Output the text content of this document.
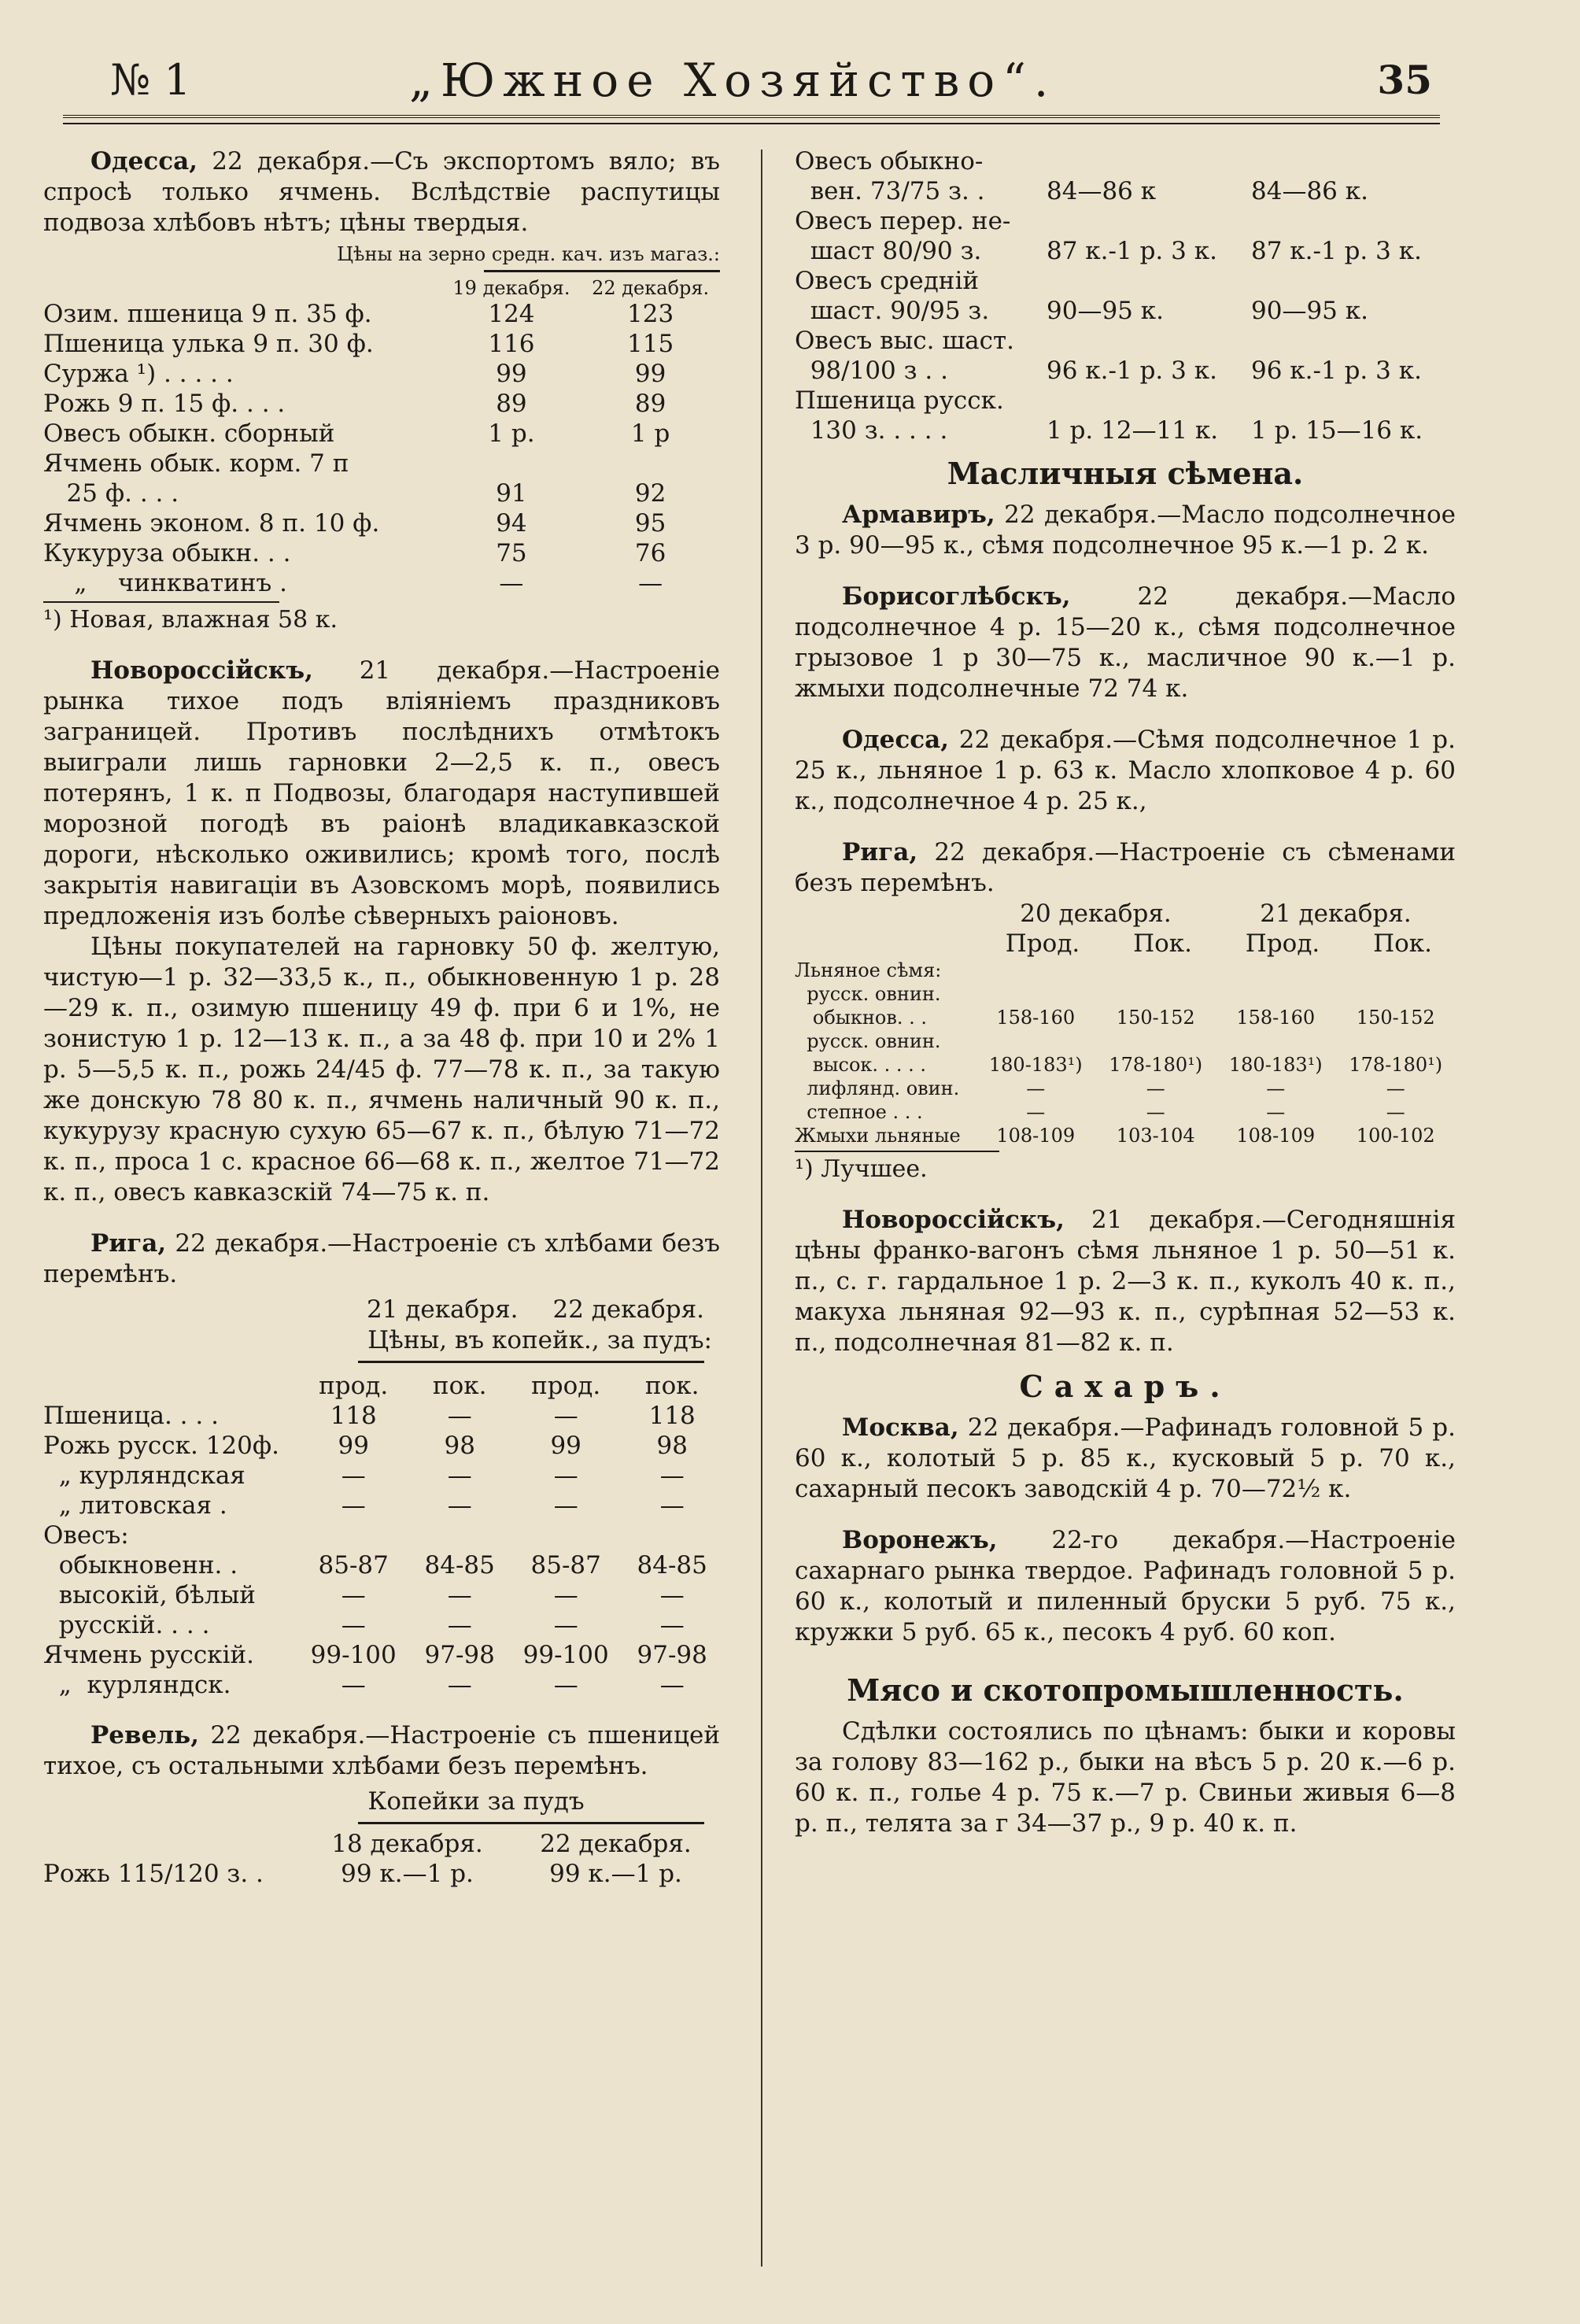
№ 1	„Южное Хозяйство“.	35

Одесса, 22 декабря.—Съ экспортомъ вяло; въ спросѣ только ячмень. Вслѣдствіе распутицы подвоза хлѣбовъ нѣтъ; цѣны твердыя.

Цѣны на зерно средн. кач. изъ магаз.:
	19 декабря.	22 декабря.
Озим. пшеница 9 п. 35 ф.	124	123
Пшеница улька 9 п. 30 ф.	116	115
Суржа ¹) . . . . .	99	99
Рожь 9 п. 15 ф. . . .	89	89
Овесъ обыкн. сборный	1 р.	1 р
Ячмень обык. корм. 7 п		
25 ф. . . .	91	92
Ячмень эконом. 8 п. 10 ф.	94	95
Кукуруза обыкн. . .	75	76
„    чинкватинъ .	—	—
¹) Новая, влажная 58 к.

Новороссійскъ, 21 декабря.—Настроеніе рынка тихое подъ вліяніемъ праздниковъ заграницей. Противъ послѣднихъ отмѣтокъ выиграли лишь гарновки 2—2,5 к. п., овесъ потерянъ, 1 к. п Подвозы, благодаря наступившей морозной погодѣ въ раіонѣ владикавказской дороги, нѣсколько оживились; кромѣ того, послѣ закрытія навигаціи въ Азовскомъ морѣ, появились предложенія изъ болѣе сѣверныхъ раіоновъ.

Цѣны покупателей на гарновку 50 ф. желтую, чистую—1 р. 32—33,5 к., п., обыкновенную 1 р. 28—29 к. п., озимую пшеницу 49 ф. при 6 и 1%, не зонистую 1 р. 12—13 к. п., а за 48 ф. при 10 и 2% 1 р. 5—5,5 к. п., рожь 24/45 ф. 77—78 к. п., за такую же донскую 78 80 к. п., ячмень наличный 90 к. п., кукурузу красную сухую 65—67 к. п., бѣлую 71—72 к. п., проса 1 с. красное 66—68 к. п., желтое 71—72 к. п., овесъ кавказскій 74—75 к. п.

Рига, 22 декабря.—Настроеніе съ хлѣбами безъ перемѣнъ.

21 декабря. 22 декабря.
Цѣны, въ копейк., за пудъ:
	прод.	пок.	прод.	пок.
Пшеница. . . .	118	—	—	118
Рожь русск. 120ф.	99	98	99	98
„ курляндская	—	—	—	—
„ литовская .	—	—	—	—
Овесъ:				
обыкновенн. .	85-87	84-85	85-87	84-85
высокій, бѣлый	—	—	—	—
русскій. . . .	—	—	—	—
Ячмень русскій.	99-100	97-98	99-100	97-98
„  курляндск.	—	—	—	—

Ревель, 22 декабря.—Настроеніе съ пшеницей тихое, съ остальными хлѣбами безъ перемѣнъ.

Копейки за пудъ
	18 декабря.	22 декабря.
Рожь 115/120 з. .	99 к.—1 р.	99 к.—1 р.
Овесъ обыкно-		
вен. 73/75 з. .	84—86 к	84—86 к.
Овесъ перер. не-		
шаст 80/90 з.	87 к.-1 р. 3 к.	87 к.-1 р. 3 к.
Овесъ средній		
шаст. 90/95 з.	90—95 к.	90—95 к.
Овесъ выс. шаст.		
98/100 з . .	96 к.-1 р. 3 к.	96 к.-1 р. 3 к.
Пшеница русск.		
130 з. . . . .	1 р. 12—11 к.	1 р. 15—16 к.
Масличныя сѣмена.

Армавиръ, 22 декабря.—Масло подсолнечное 3 р. 90—95 к., сѣмя подсолнечное 95 к.—1 р. 2 к.

Борисоглѣбскъ, 22 декабря.—Масло подсолнечное 4 р. 15—20 к., сѣмя подсолнечное грызовое 1 р 30—75 к., масличное 90 к.—1 р. жмыхи подсолнечные 72 74 к.

Одесса, 22 декабря.—Сѣмя подсолнечное 1 р. 25 к., льняное 1 р. 63 к. Масло хлопковое 4 р. 60 к., подсолнечное 4 р. 25 к.,

Рига, 22 декабря.—Настроеніе съ сѣменами безъ перемѣнъ.

	20 декабря.		21 декабря.	
	Прод.	Пок.	Прод.	Пок.
Льняное сѣмя:				
русск. овнин.				
обыкнов. . .	158-160	150-152	158-160	150-152
русск. овнин.				
высок. . . . .	180-183¹)	178-180¹)	180-183¹)	178-180¹)
лифлянд. овин.	—	—	—	—
степное . . .	—	—	—	—
Жмыхи льняные	108-109	103-104	108-109	100-102
¹) Лучшее.

Новороссійскъ, 21 декабря.—Сегодняшнія цѣны франко-вагонъ сѣмя льняное 1 р. 50—51 к. п., с. г. гардальное 1 р. 2—3 к. п., куколъ 40 к. п., макуха льняная 92—93 к. п., сурѣпная 52—53 к. п., подсолнечная 81—82 к. п.

Сахаръ.

Москва, 22 декабря.—Рафинадъ головной 5 р. 60 к., колотый 5 р. 85 к., кусковый 5 р. 70 к., сахарный песокъ заводскій 4 р. 70—72½ к.

Воронежъ, 22-го декабря.—Настроеніе сахарнаго рынка твердое. Рафинадъ головной 5 р. 60 к., колотый и пиленный бруски 5 руб. 75 к., кружки 5 руб. 65 к., песокъ 4 руб. 60 коп.

Мясо и скотопромышленность.

Сдѣлки состоялись по цѣнамъ: быки и коровы за голову 83—162 р., быки на вѣсъ 5 р. 20 к.—6 р. 60 к. п., голье 4 р. 75 к.—7 р. Свиньи живыя 6—8 р. п., телята за г 34—37 р., 9 р. 40 к. п.
